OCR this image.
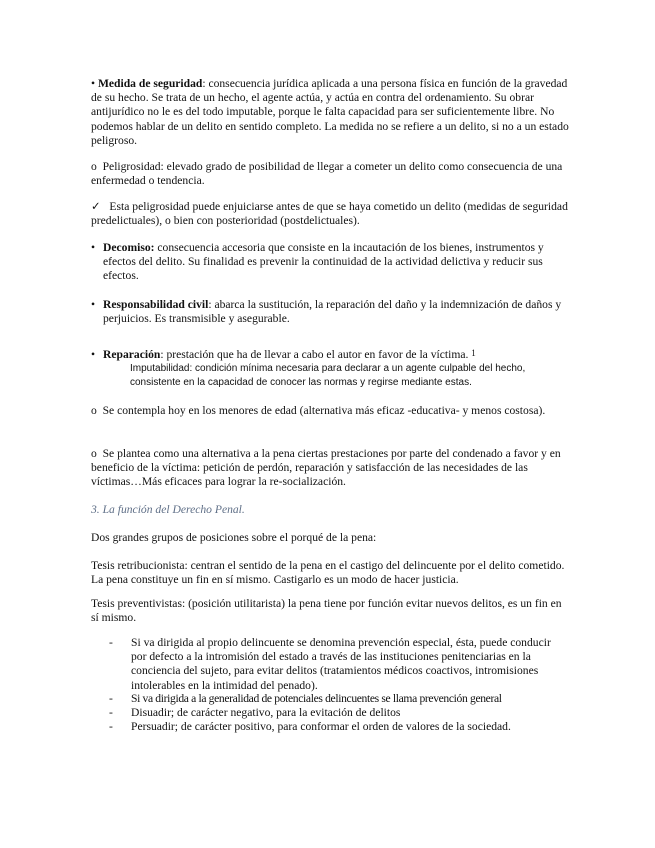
• Medida de seguridad: consecuencia jurídica aplicada a una persona física en función de la gravedad de su hecho. Se trata de un hecho, el agente actúa, y actúa en contra del ordenamiento. Su obrar antijurídico no le es del todo imputable, porque le falta capacidad para ser suficientemente libre. No podemos hablar de un delito en sentido completo. La medida no se refiere a un delito, si no a un estado peligroso.

o Peligrosidad: elevado grado de posibilidad de llegar a cometer un delito como consecuencia de una enfermedad o tendencia.

✓ Esta peligrosidad puede enjuiciarse antes de que se haya cometido un delito (medidas de seguridad predelictuales), o bien con posterioridad (postdelictuales).

• Decomiso: consecuencia accesoria que consiste en la incautación de los bienes, instrumentos y efectos del delito. Su finalidad es prevenir la continuidad de la actividad delictiva y reducir sus efectos.

• Responsabilidad civil: abarca la sustitución, la reparación del daño y la indemnización de daños y perjuicios. Es transmisible y asegurable.

• Reparación: prestación que ha de llevar a cabo el autor en favor de la víctima. $^1$

Imputabilidad: condición mínima necesaria para declarar a un agente culpable del hecho, consistente en la capacidad de conocer las normas y regirse mediante estas.

o Se contempla hoy en los menores de edad (alternativa más eficaz -educativa- y menos costosa).

o Se plantea como una alternativa a la pena ciertas prestaciones por parte del condenado a favor y en beneficio de la víctima: petición de perdón, reparación y satisfacción de las necesidades de las víctimas…Más eficaces para lograr la re-socialización.

3. La función del Derecho Penal.

Dos grandes grupos de posiciones sobre el porqué de la pena:

Tesis retribucionista: centran el sentido de la pena en el castigo del delincuente por el delito cometido. La pena constituye un fin en sí mismo. Castigarlo es un modo de hacer justicia.

Tesis preventivistas: (posición utilitarista) la pena tiene por función evitar nuevos delitos, es un fin en sí mismo.

- Si va dirigida al propio delincuente se denomina prevención especial, ésta, puede conducir por defecto a la intromisión del estado a través de las instituciones penitenciarias en la conciencia del sujeto, para evitar delitos (tratamientos médicos coactivos, intromisiones intolerables en la intimidad del penado).

- Si va dirigida a la generalidad de potenciales delincuentes se llama prevención general

- Disuadir; de carácter negativo, para la evitación de delitos

- Persuadir; de carácter positivo, para conformar el orden de valores de la sociedad.
